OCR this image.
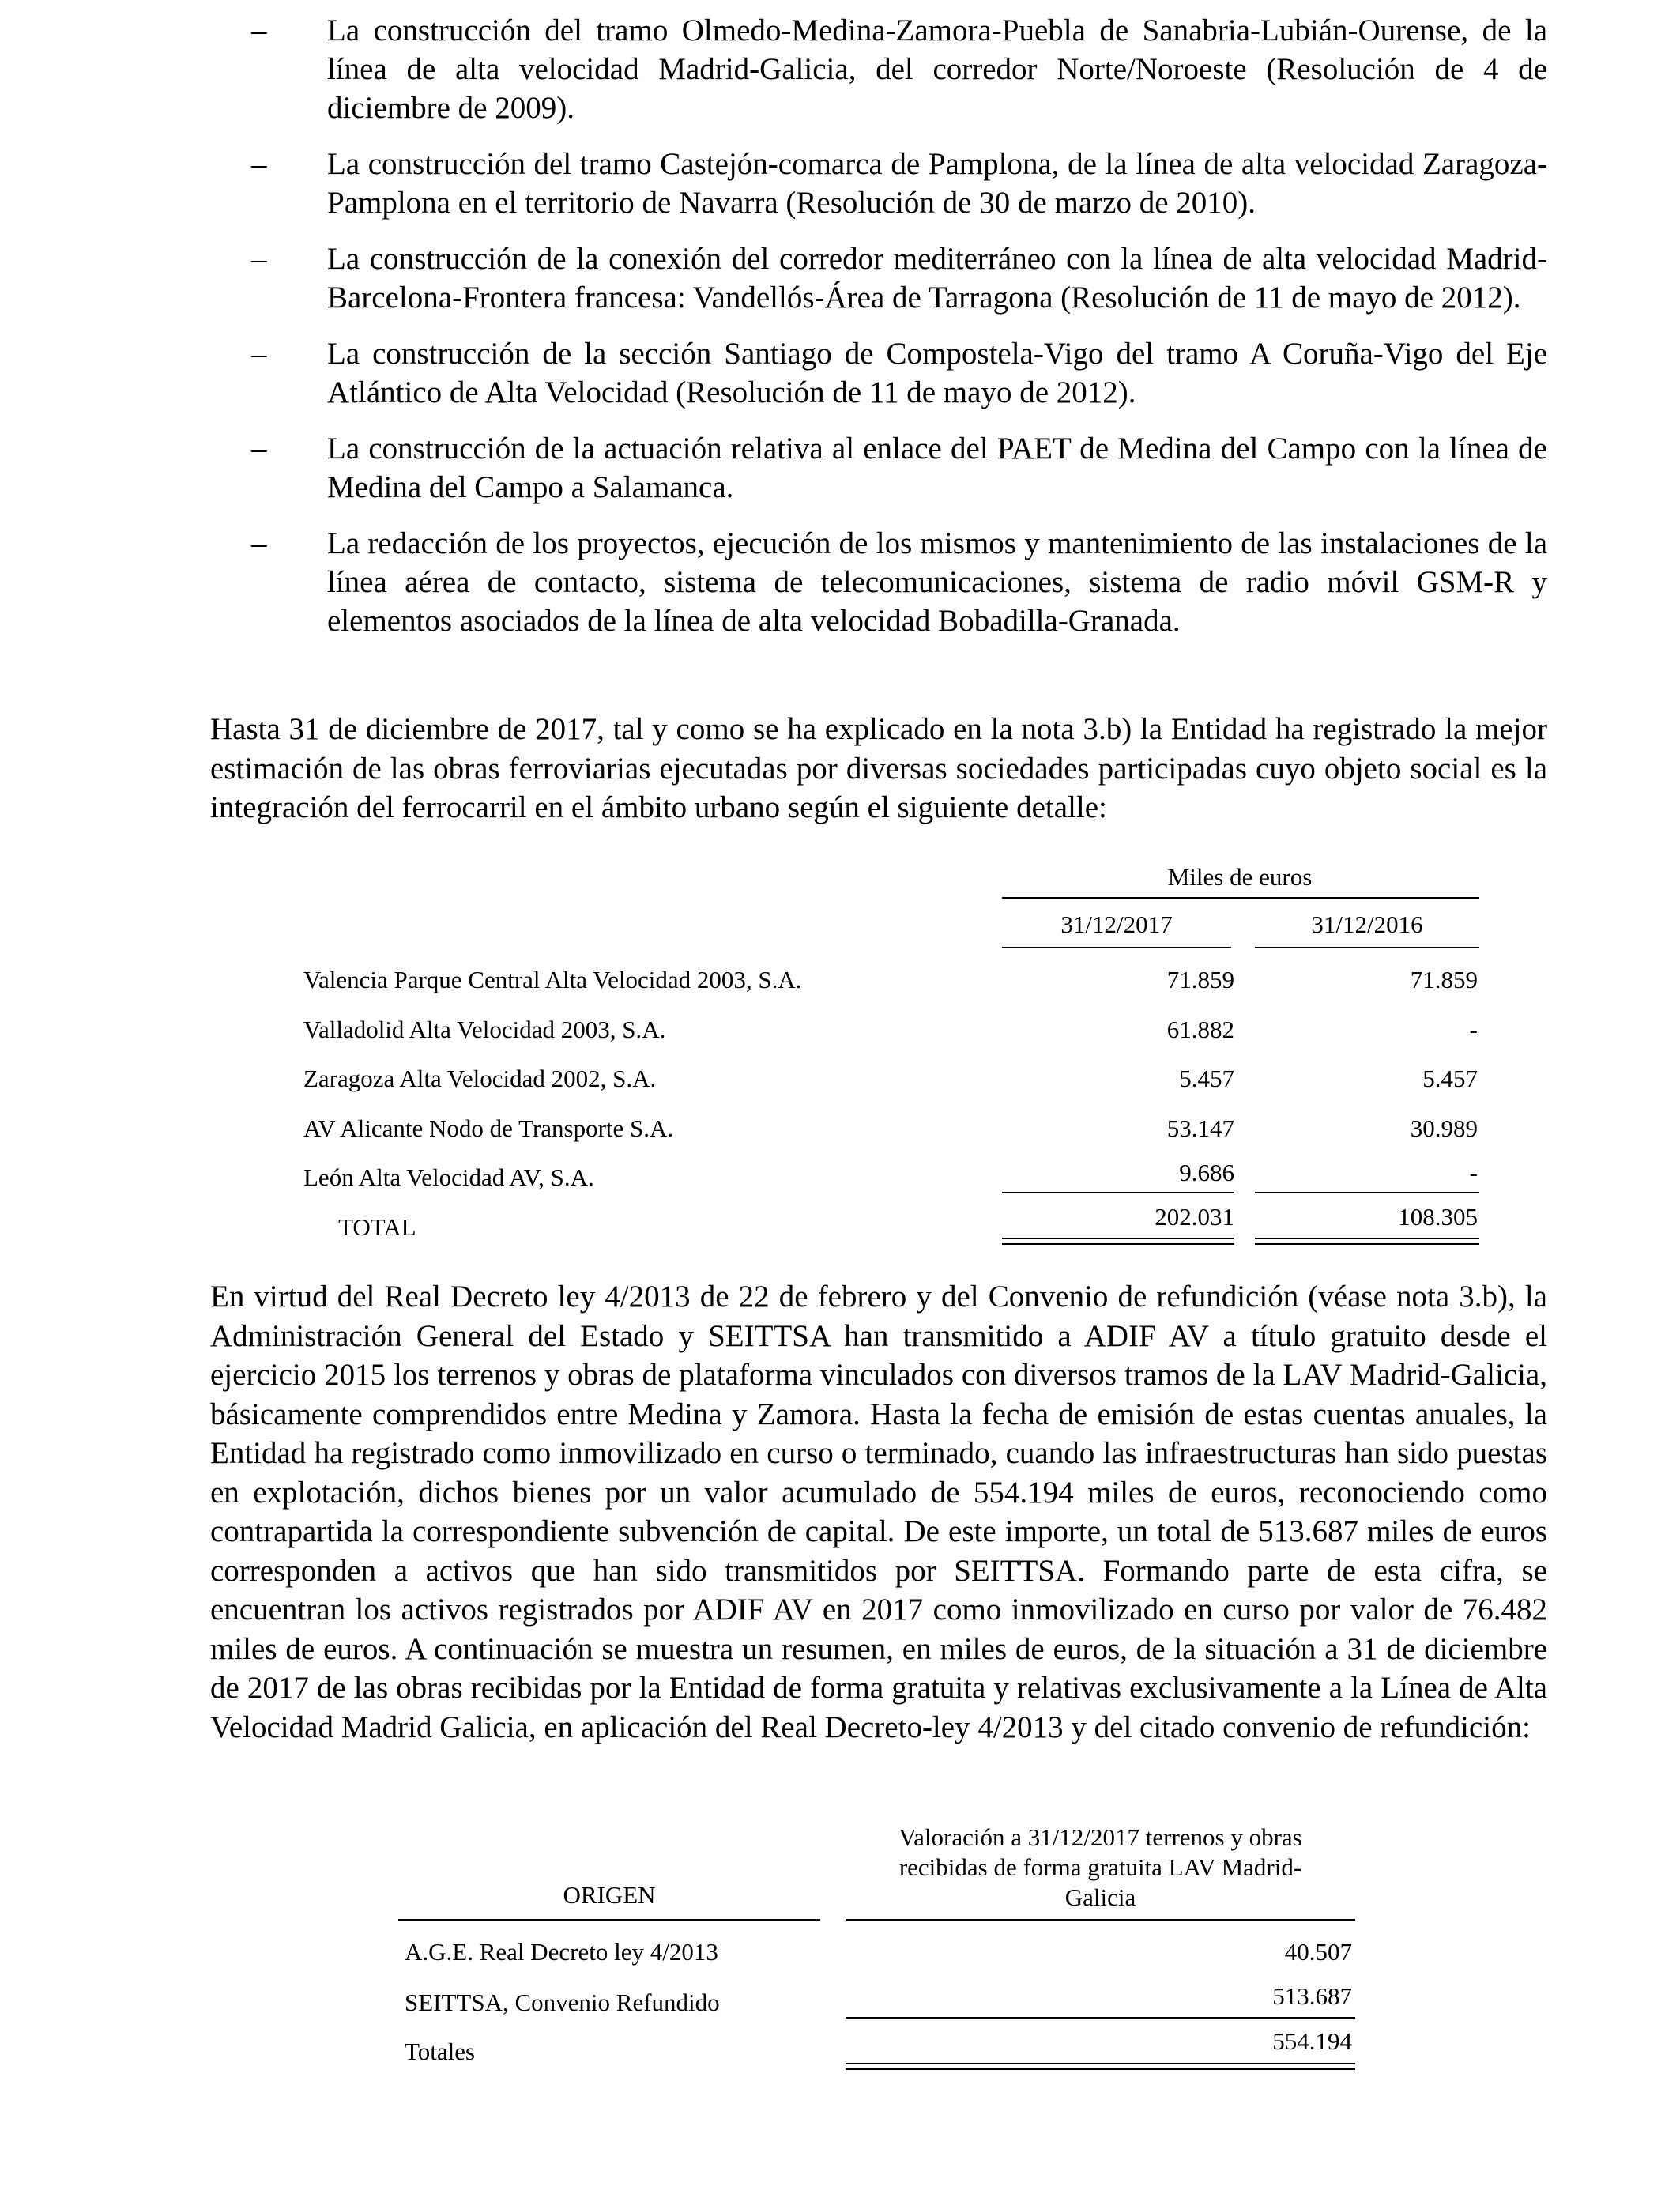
– La construcción del tramo Olmedo-Medina-Zamora-Puebla de Sanabria-Lubián-Ourense, de la línea de alta velocidad Madrid-Galicia, del corredor Norte/Noroeste (Resolución de 4 de diciembre de 2009).
– La construcción del tramo Castejón-comarca de Pamplona, de la línea de alta velocidad Zaragoza-Pamplona en el territorio de Navarra (Resolución de 30 de marzo de 2010).
– La construcción de la conexión del corredor mediterráneo con la línea de alta velocidad Madrid-Barcelona-Frontera francesa: Vandellós-Área de Tarragona (Resolución de 11 de mayo de 2012).
– La construcción de la sección Santiago de Compostela-Vigo del tramo A Coruña-Vigo del Eje Atlántico de Alta Velocidad (Resolución de 11 de mayo de 2012).
– La construcción de la actuación relativa al enlace del PAET de Medina del Campo con la línea de Medina del Campo a Salamanca.
– La redacción de los proyectos, ejecución de los mismos y mantenimiento de las instalaciones de la línea aérea de contacto, sistema de telecomunicaciones, sistema de radio móvil GSM-R y elementos asociados de la línea de alta velocidad Bobadilla-Granada.

Hasta 31 de diciembre de 2017, tal y como se ha explicado en la nota 3.b) la Entidad ha registrado la mejor estimación de las obras ferroviarias ejecutadas por diversas sociedades participadas cuyo objeto social es la integración del ferrocarril en el ámbito urbano según el siguiente detalle:

Miles de euros
31/12/2017	31/12/2016
Valencia Parque Central Alta Velocidad 2003, S.A.	71.859	71.859
Valladolid Alta Velocidad 2003, S.A.	61.882	-
Zaragoza Alta Velocidad 2002, S.A.	5.457	5.457
AV Alicante Nodo de Transporte S.A.	53.147	30.989
León Alta Velocidad AV, S.A.	9.686	-
TOTAL	202.031	108.305

En virtud del Real Decreto ley 4/2013 de 22 de febrero y del Convenio de refundición (véase nota 3.b), la Administración General del Estado y SEITTSA han transmitido a ADIF AV a título gratuito desde el ejercicio 2015 los terrenos y obras de plataforma vinculados con diversos tramos de la LAV Madrid-Galicia, básicamente comprendidos entre Medina y Zamora. Hasta la fecha de emisión de estas cuentas anuales, la Entidad ha registrado como inmovilizado en curso o terminado, cuando las infraestructuras han sido puestas en explotación, dichos bienes por un valor acumulado de 554.194 miles de euros, reconociendo como contrapartida la correspondiente subvención de capital. De este importe, un total de 513.687 miles de euros corresponden a activos que han sido transmitidos por SEITTSA. Formando parte de esta cifra, se encuentran los activos registrados por ADIF AV en 2017 como inmovilizado en curso por valor de 76.482 miles de euros. A continuación se muestra un resumen, en miles de euros, de la situación a 31 de diciembre de 2017 de las obras recibidas por la Entidad de forma gratuita y relativas exclusivamente a la Línea de Alta Velocidad Madrid Galicia, en aplicación del Real Decreto-ley 4/2013 y del citado convenio de refundición:

Valoración a 31/12/2017 terrenos y obras
recibidas de forma gratuita LAV Madrid-
Galicia
ORIGEN
A.G.E. Real Decreto ley 4/2013	40.507
SEITTSA, Convenio Refundido	513.687
Totales	554.194
